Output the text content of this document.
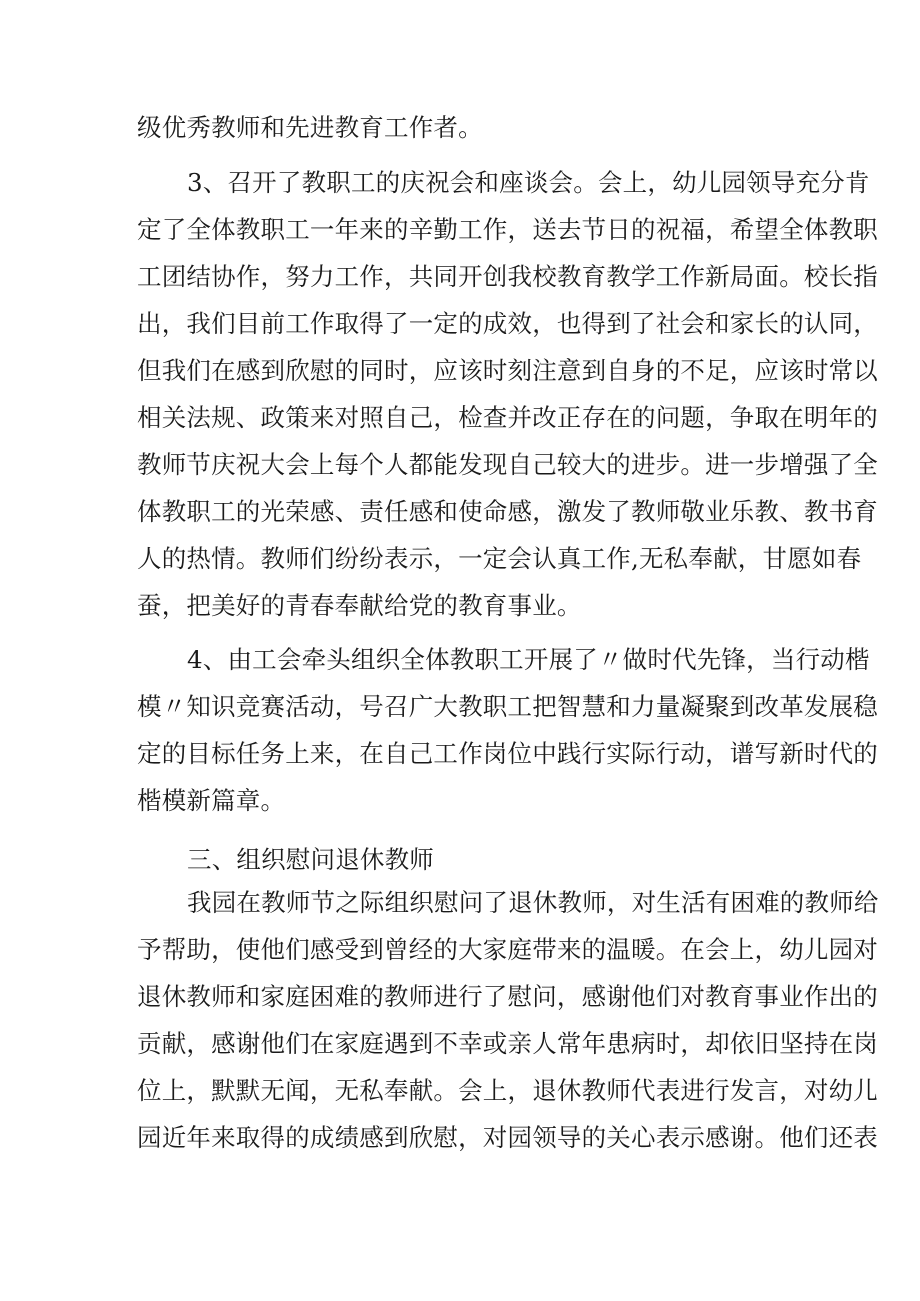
级优秀教师和先进教育工作者。
3、召开了教职工的庆祝会和座谈会。会上，幼儿园领导充分肯
定了全体教职工一年来的辛勤工作，送去节日的祝福，希望全体教职
工团结协作，努力工作，共同开创我校教育教学工作新局面。校长指
出，我们目前工作取得了一定的成效，也得到了社会和家长的认同，
但我们在感到欣慰的同时，应该时刻注意到自身的不足，应该时常以
相关法规、政策来对照自己，检查并改正存在的问题，争取在明年的
教师节庆祝大会上每个人都能发现自己较大的进步。进一步增强了全
体教职工的光荣感、责任感和使命感，激发了教师敬业乐教、教书育
人的热情。教师们纷纷表示，一定会认真工作,无私奉献，甘愿如春
蚕，把美好的青春奉献给党的教育事业。
4、由工会牵头组织全体教职工开展了〃做时代先锋，当行动楷
模〃知识竞赛活动，号召广大教职工把智慧和力量凝聚到改革发展稳
定的目标任务上来，在自己工作岗位中践行实际行动，谱写新时代的
楷模新篇章。
三、组织慰问退休教师
我园在教师节之际组织慰问了退休教师，对生活有困难的教师给
予帮助，使他们感受到曾经的大家庭带来的温暖。在会上，幼儿园对
退休教师和家庭困难的教师进行了慰问，感谢他们对教育事业作出的
贡献，感谢他们在家庭遇到不幸或亲人常年患病时，却依旧坚持在岗
位上，默默无闻，无私奉献。会上，退休教师代表进行发言，对幼儿
园近年来取得的成绩感到欣慰，对园领导的关心表示感谢。他们还表
